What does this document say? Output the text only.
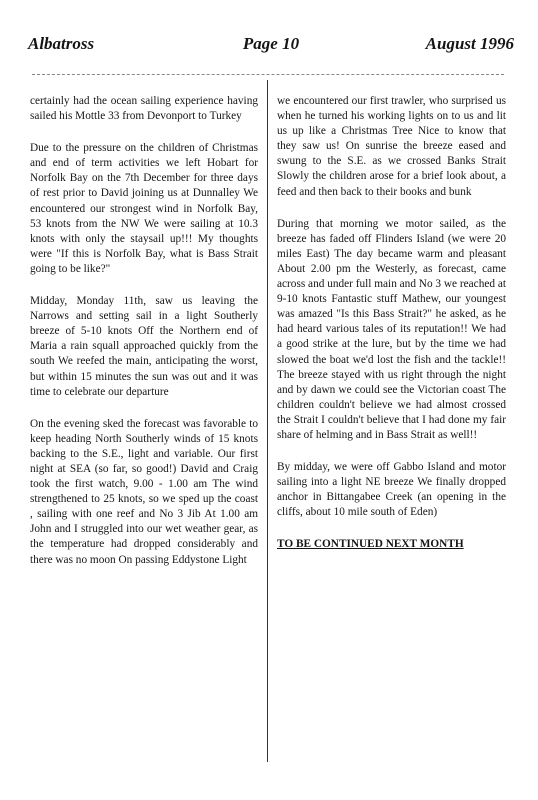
Page 10
Albatross	August 1996

certainly had the ocean sailing experience having sailed his Mottle 33 from Devonport to Turkey

Due to the pressure on the children of Christmas and end of term activities we left Hobart for Norfolk Bay on the 7th December for three days of rest prior to David joining us at Dunnalley We encountered our strongest wind in Norfolk Bay, 53 knots from the NW We were sailing at 10.3 knots with only the staysail up!!! My thoughts were "If this is Norfolk Bay, what is Bass Strait going to be like?"

Midday, Monday 11th, saw us leaving the Narrows and setting sail in a light Southerly breeze of 5-10 knots Off the Northern end of Maria a rain squall approached quickly from the south We reefed the main, anticipating the worst, but within 15 minutes the sun was out and it was time to celebrate our departure

On the evening sked the forecast was favorable to keep heading North Southerly winds of 15 knots backing to the S.E., light and variable. Our first night at SEA (so far, so good!) David and Craig took the first watch, 9.00 - 1.00 am The wind strengthened to 25 knots, so we sped up the coast , sailing with one reef and No 3 Jib At 1.00 am John and I struggled into our wet weather gear, as the temperature had dropped considerably and there was no moon On passing Eddystone Light

we encountered our first trawler, who surprised us when he turned his working lights on to us and lit us up like a Christmas Tree Nice to know that they saw us! On sunrise the breeze eased and swung to the S.E. as we crossed Banks Strait Slowly the children arose for a brief look about, a feed and then back to their books and bunk

During that morning we motor sailed, as the breeze has faded off Flinders Island (we were 20 miles East) The day became warm and pleasant About 2.00 pm the Westerly, as forecast, came across and under full main and No 3 we reached at 9-10 knots Fantastic stuff Mathew, our youngest was amazed "Is this Bass Strait?" he asked, as he had heard various tales of its reputation!! We had a good strike at the lure, but by the time we had slowed the boat we'd lost the fish and the tackle!! The breeze stayed with us right through the night and by dawn we could see the Victorian coast The children couldn't believe we had almost crossed the Strait I couldn't believe that I had done my fair share of helming and in Bass Strait as well!!

By midday, we were off Gabbo Island and motor sailing into a light NE breeze We finally dropped anchor in Bittangabee Creek (an opening in the cliffs, about 10 mile south of Eden)

TO BE CONTINUED NEXT MONTH
